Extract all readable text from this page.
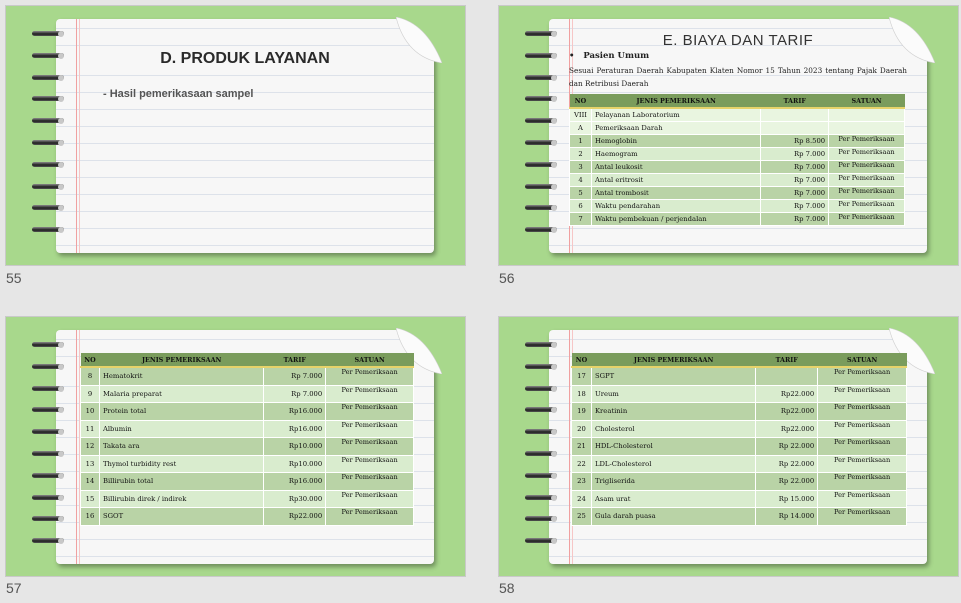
D. PRODUK LAYANAN
- Hasil pemerikasaan sampel
55
E. BIAYA DAN TARIF
• Pasien Umum
Sesuai Peraturan Daerah Kabupaten Klaten Nomor 15 Tahun 2023 tentang Pajak Daerah dan Retribusi Daerah
NO	JENIS PEMERIKSAAN	TARIF	SATUAN
VIII	Pelayanan Laboratorium		
A	Pemeriksaan Darah		
1	Hemoglobin	Rp 8.500	Per Pemeriksaan
2	Haemogram	Rp 7.000	Per Pemeriksaan
3	Antal leukosit	Rp 7.000	Per Pemeriksaan
4	Antal eritrosit	Rp 7.000	Per Pemeriksaan
5	Antal trombosit	Rp 7.000	Per Pemeriksaan
6	Waktu pendarahan	Rp 7.000	Per Pemeriksaan
7	Waktu pembekuan / perjendalan	Rp 7.000	Per Pemeriksaan
56
NO	JENIS PEMERIKSAAN	TARIF	SATUAN
8	Hematokrit	Rp 7.000	Per Pemeriksaan
9	Malaria preparat	Rp 7.000	Per Pemeriksaan
10	Protein total	Rp16.000	Per Pemeriksaan
11	Albumin	Rp16.000	Per Pemeriksaan
12	Takata ara	Rp10.000	Per Pemeriksaan
13	Thymol turbidity rest	Rp10.000	Per Pemeriksaan
14	Billirubin total	Rp16.000	Per Pemeriksaan
15	Billirubin direk / indirek	Rp30.000	Per Pemeriksaan
16	SGOT	Rp22.000	Per Pemeriksaan
57
NO	JENIS PEMERIKSAAN	TARIF	SATUAN
17	SGPT		Per Pemeriksaan
18	Ureum	Rp22.000	Per Pemeriksaan
19	Kreatinin	Rp22.000	Per Pemeriksaan
20	Cholesterol	Rp22.000	Per Pemeriksaan
21	HDL-Cholesterol	Rp 22.000	Per Pemeriksaan
22	LDL-Cholesterol	Rp 22.000	Per Pemeriksaan
23	Trigliserida	Rp 22.000	Per Pemeriksaan
24	Asam urat	Rp 15.000	Per Pemeriksaan
25	Gula darah puasa	Rp 14.000	Per Pemeriksaan
58
